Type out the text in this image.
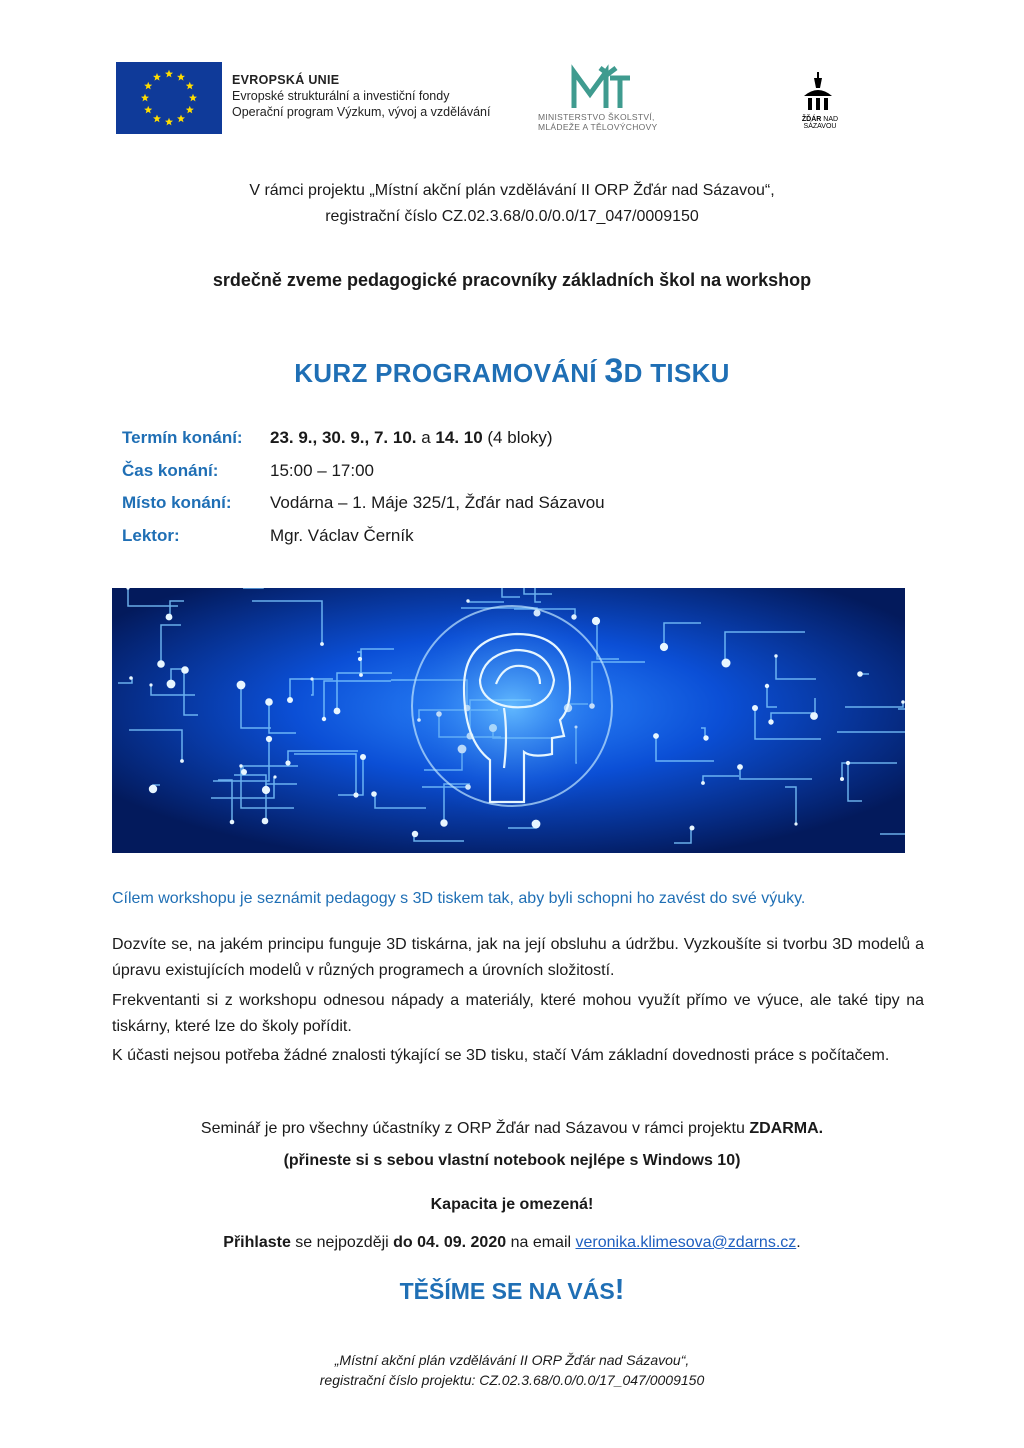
EVROPSKÁ UNIE
Evropské strukturální a investiční fondy
Operační program Výzkum, vývoj a vzdělávání	MINISTERSTVO ŠKOLSTVÍ,
MLÁDEŽE A TĚLOVÝCHOVY
ŽĎÁR NAD SÁZAVOU
V rámci projektu „Místní akční plán vzdělávání II ORP Žďár nad Sázavou“,
registrační číslo CZ.02.3.68/0.0/0.0/17_047/0009150
srdečně zveme pedagogické pracovníky základních škol na workshop
KURZ PROGRAMOVÁNÍ 3D TISKU
Termín konání:	23. 9., 30. 9., 7. 10. a 14. 10 (4 bloky)
Čas konání:	15:00 – 17:00
Místo konání:	Vodárna – 1. Máje 325/1, Žďár nad Sázavou
Lektor:	Mgr. Václav Černík
Cílem workshopu je seznámit pedagogy s 3D tiskem tak, aby byli schopni ho zavést do své výuky.
Dozvíte se, na jakém principu funguje 3D tiskárna, jak na její obsluhu a údržbu. Vyzkoušíte si tvorbu 3D modelů a úpravu existujících modelů v různých programech a úrovních složitostí.
Frekventanti si z workshopu odnesou nápady a materiály, které mohou využít přímo ve výuce, ale také tipy na tiskárny, které lze do školy pořídit.
K účasti nejsou potřeba žádné znalosti týkající se 3D tisku, stačí Vám základní dovednosti práce s počítačem.
Seminář je pro všechny účastníky z ORP Žďár nad Sázavou v rámci projektu ZDARMA.
(přineste si s sebou vlastní notebook nejlépe s Windows 10)
Kapacita je omezená!
Přihlaste se nejpozději do 04. 09. 2020 na email veronika.klimesova@zdarns.cz.
TĚŠÍME SE NA VÁS!
„Místní akční plán vzdělávání II ORP Žďár nad Sázavou“,
registrační číslo projektu: CZ.02.3.68/0.0/0.0/17_047/0009150
